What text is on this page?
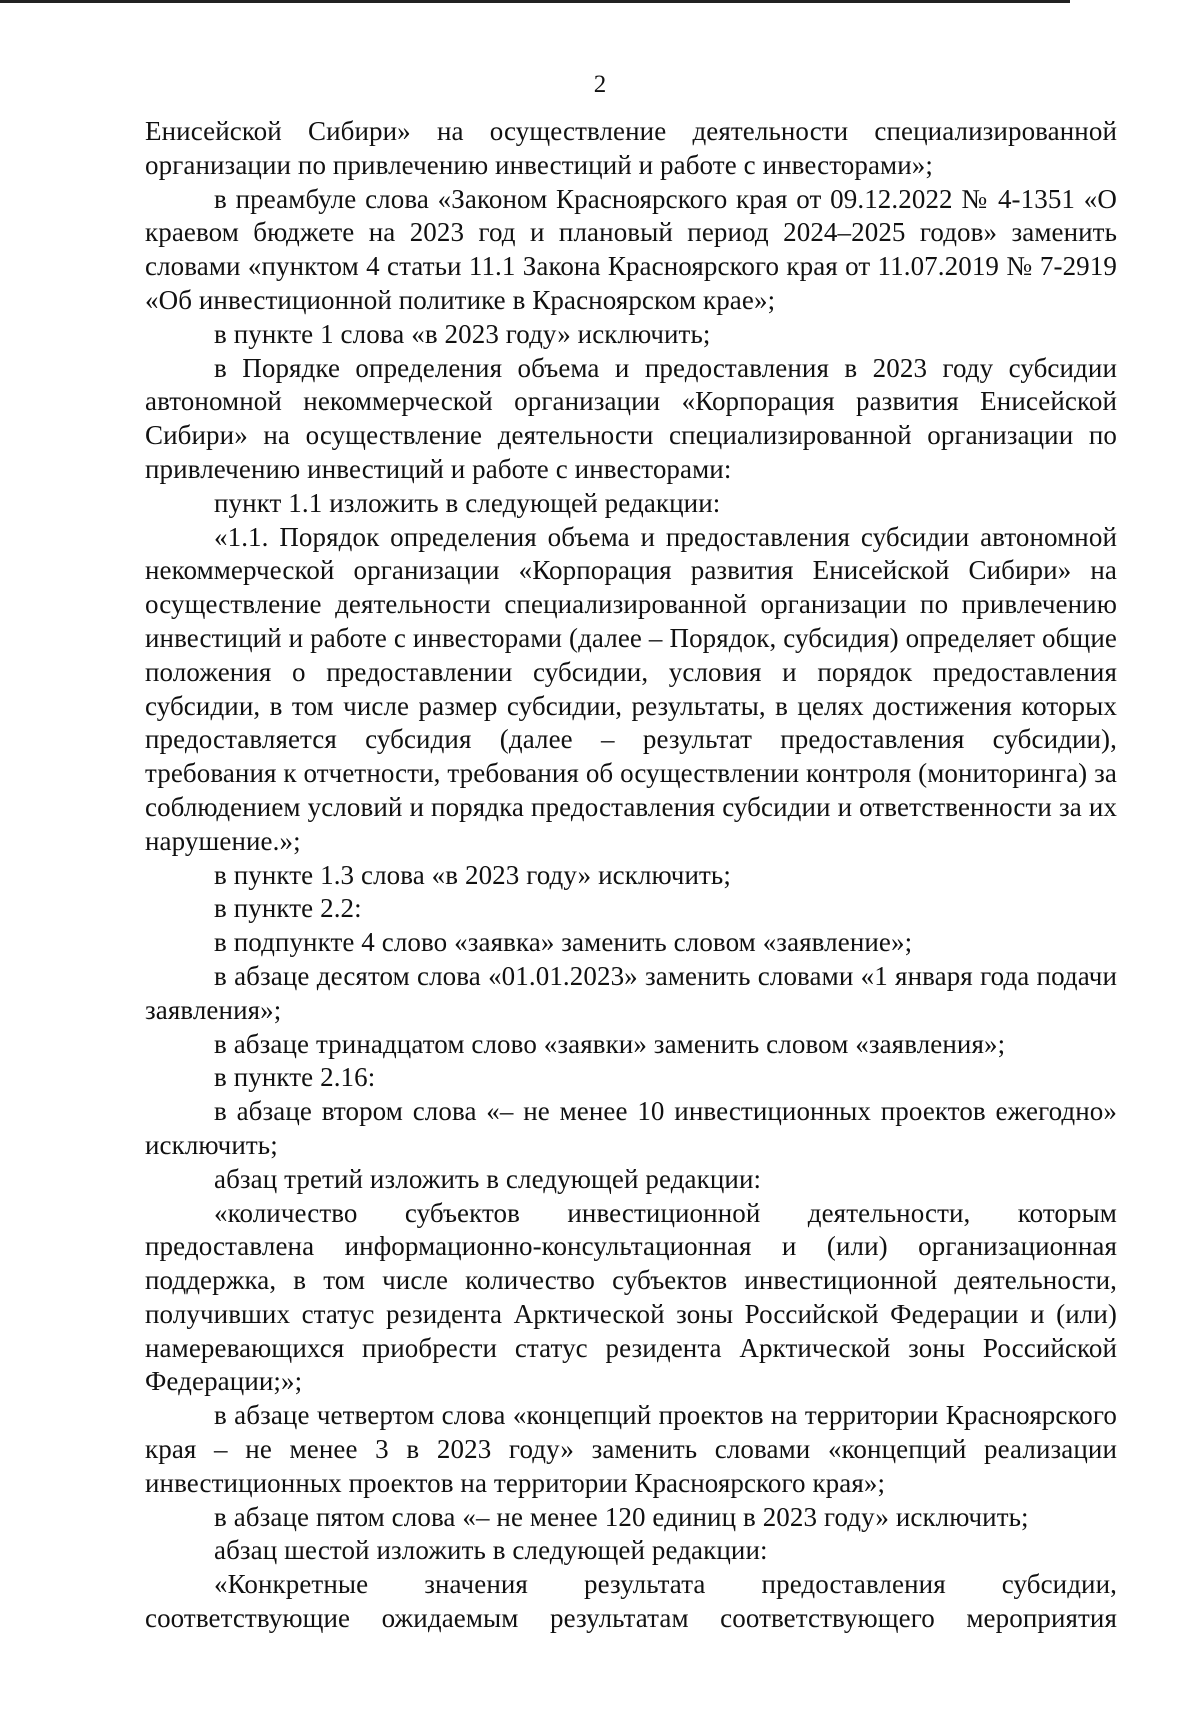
2

Енисейской Сибири» на осуществление деятельности специализированной организации по привлечению инвестиций и работе с инвесторами»;

в преамбуле слова «Законом Красноярского края от 09.12.2022 № 4-1351 «О краевом бюджете на 2023 год и плановый период 2024–2025 годов» заменить словами «пунктом 4 статьи 11.1 Закона Красноярского края от 11.07.2019 № 7-2919 «Об инвестиционной политике в Красноярском крае»;

в пункте 1 слова «в 2023 году» исключить;

в Порядке определения объема и предоставления в 2023 году субсидии автономной некоммерческой организации «Корпорация развития Енисейской Сибири» на осуществление деятельности специализированной организации по привлечению инвестиций и работе с инвесторами:

пункт 1.1 изложить в следующей редакции:

«1.1. Порядок определения объема и предоставления субсидии автономной некоммерческой организации «Корпорация развития Енисейской Сибири» на осуществление деятельности специализированной организации по привлечению инвестиций и работе с инвесторами (далее – Порядок, субсидия) определяет общие положения о предоставлении субсидии, условия и порядок предоставления субсидии, в том числе размер субсидии, результаты, в целях достижения которых предоставляется субсидия (далее – результат предоставления субсидии), требования к отчетности, требования об осуществлении контроля (мониторинга) за соблюдением условий и порядка предоставления субсидии и ответственности за их нарушение.»;

в пункте 1.3 слова «в 2023 году» исключить;

в пункте 2.2:

в подпункте 4 слово «заявка» заменить словом «заявление»;

в абзаце десятом слова «01.01.2023» заменить словами «1 января года подачи заявления»;

в абзаце тринадцатом слово «заявки» заменить словом «заявления»;

в пункте 2.16:

в абзаце втором слова «– не менее 10 инвестиционных проектов ежегодно» исключить;

абзац третий изложить в следующей редакции:

«количество субъектов инвестиционной деятельности, которым предоставлена информационно-консультационная и (или) организационная поддержка, в том числе количество субъектов инвестиционной деятельности, получивших статус резидента Арктической зоны Российской Федерации и (или) намеревающихся приобрести статус резидента Арктической зоны Российской Федерации;»;

в абзаце четвертом слова «концепций проектов на территории Красноярского края – не менее 3 в 2023 году» заменить словами «концепций реализации инвестиционных проектов на территории Красноярского края»;

в абзаце пятом слова «– не менее 120 единиц в 2023 году» исключить;

абзац шестой изложить в следующей редакции:

«Конкретные значения результата предоставления субсидии, соответствующие ожидаемым результатам соответствующего мероприятия
